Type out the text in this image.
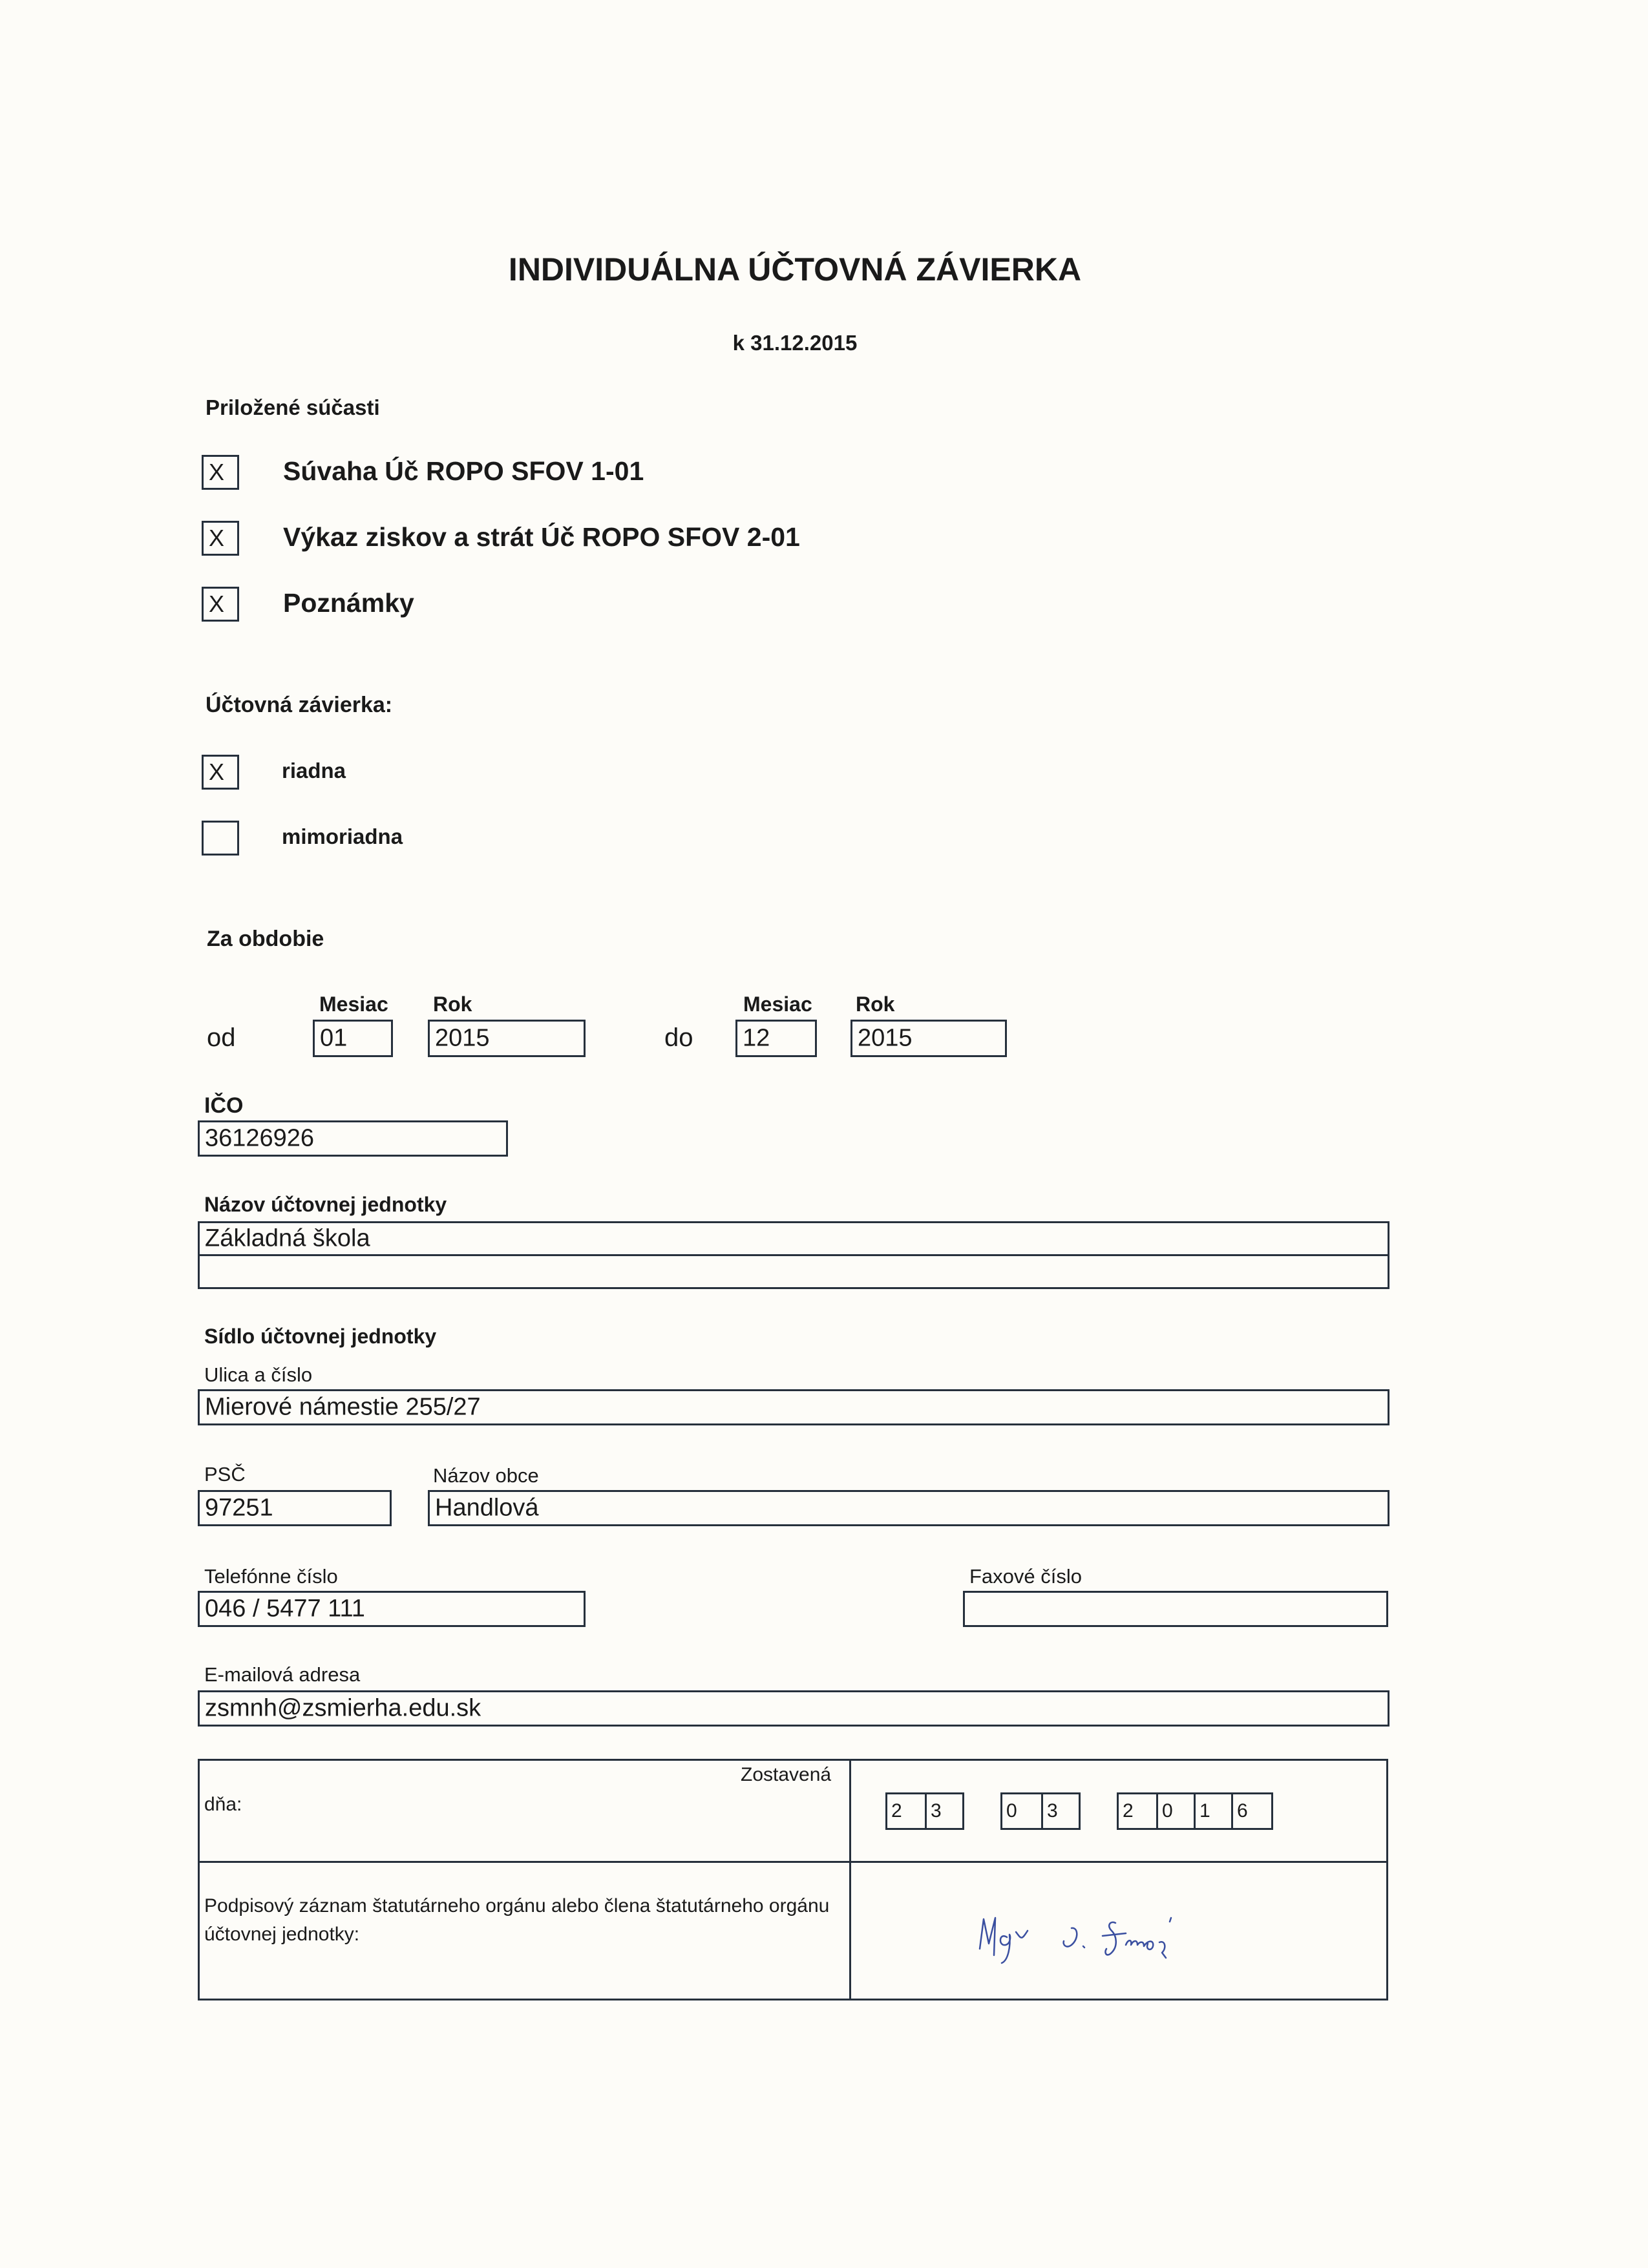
INDIVIDUÁLNA ÚČTOVNÁ ZÁVIERKA
k 31.12.2015
Priložené súčasti
X	Súvaha Úč ROPO SFOV 1-01
X	Výkaz ziskov a strát Úč ROPO SFOV 2-01
X	Poznámky
Účtovná závierka:
X	riadna
mimoriadna
Za obdobie
Mesiac Rok	Mesiac Rok
od	01	2015	do 12	2015
IČO
36126926
Názov účtovnej jednotky
Základná škola
Sídlo účtovnej jednotky
Ulica a číslo
Mierové námestie 255/27
PSČ
97251
Názov obce
Handlová
Telefónne číslo
046 / 5477 111
Faxové číslo
E-mailová adresa
zsmnh@zsmierha.edu.sk
Zostavená
dňa:	2	3	0	3	2	0	1	6
Podpisový záznam štatutárneho orgánu alebo člena štatutárneho orgánu účtovnej jednotky:
